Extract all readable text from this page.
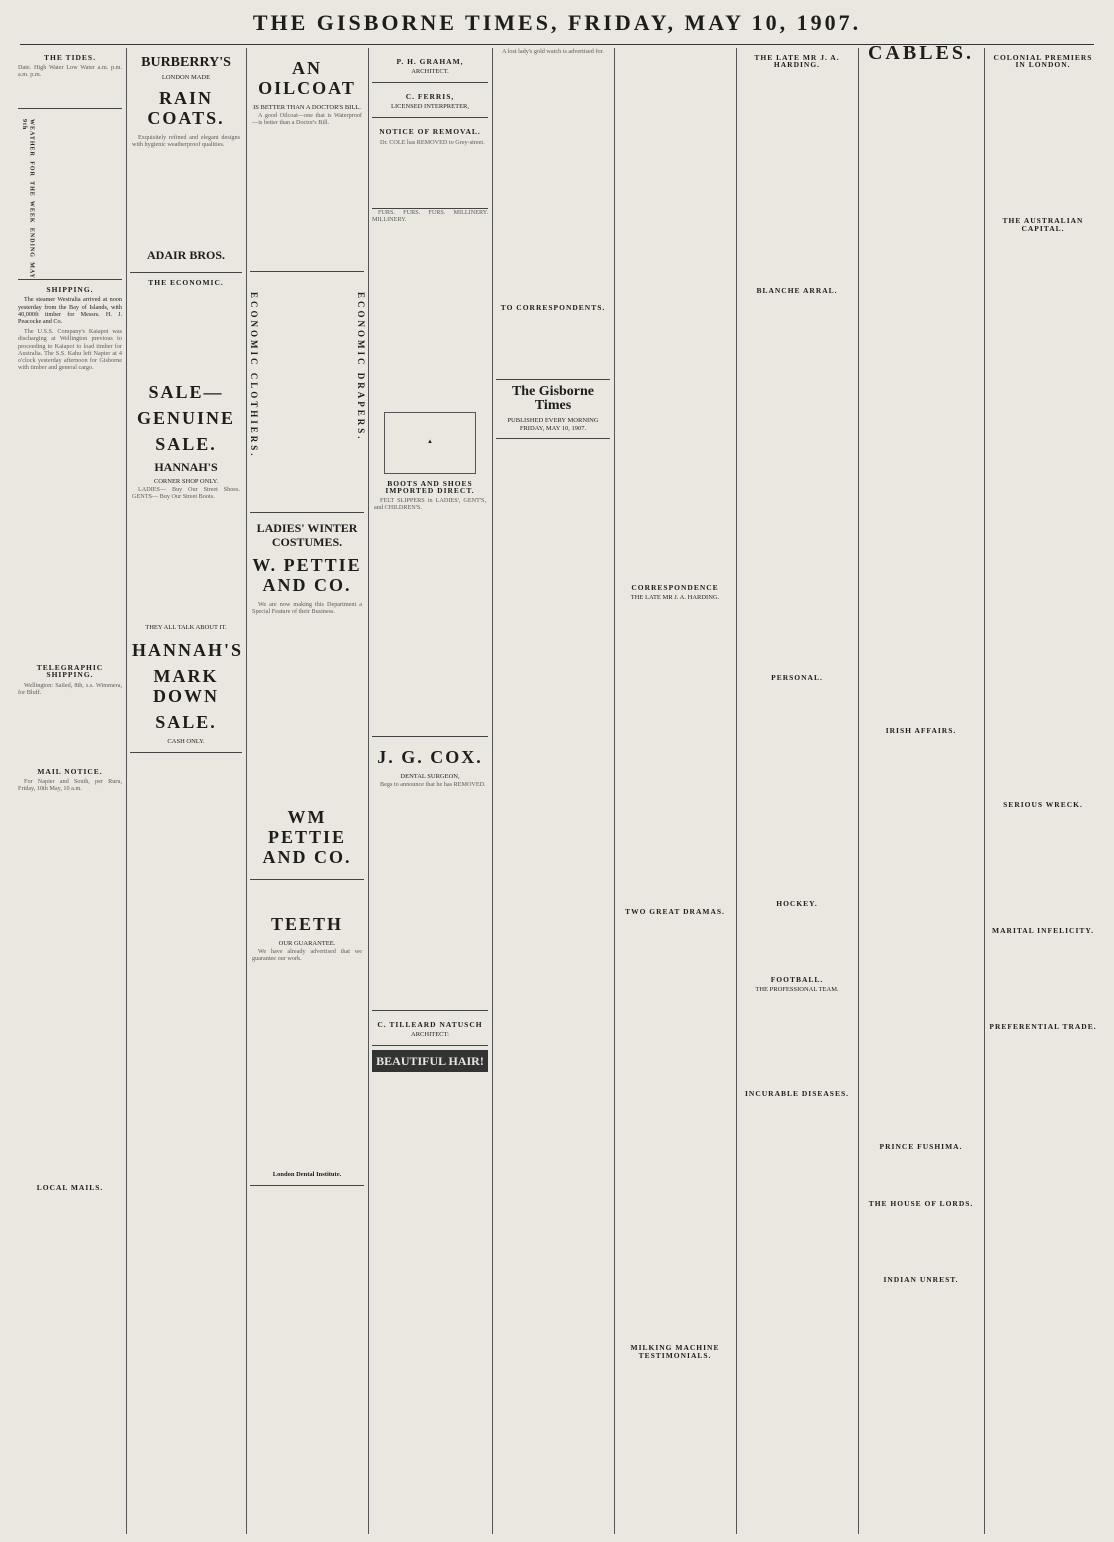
THE GISBORNE TIMES, FRIDAY, MAY 10, 1907.
THE TIDES.
Date. High Water Low Water a.m. p.m. a.m. p.m.
WEATHER FOR THE WEEK ENDING MAY 9th
SHIPPING.

The steamer Westralia arrived at noon yesterday from the Bay of Islands, with 40,000ft timber for Messrs. H. J. Peacocke and Co.

The U.S.S. Company's Kaiapoi was discharging at Wellington previous to proceeding to Kaiapoi to load timber for Australia. The S.S. Kahu left Napier at 4 o'clock yesterday afternoon for Gisborne with timber and general cargo.

TELEGRAPHIC SHIPPING.

Wellington: Sailed, 8th, s.s. Wimmera, for Bluff.

MAIL NOTICE.

For Napier and South, per Ruru, Friday, 10th May, 10 a.m.

LOCAL MAILS.
BURBERRY'S
LONDON MADE
RAIN COATS.

Exquisitely refined and elegant designs with hygienic weatherproof qualities.

ADAIR BROS.
THE ECONOMIC.
SALE—
GENUINE
SALE.
HANNAH'S
CORNER SHOP ONLY.

LADIES— Buy Our Street Shoes. GENTS— Buy Our Street Boots.

THEY ALL TALK ABOUT IT.
HANNAH'S
MARK DOWN
SALE.
CASH ONLY.
AN OILCOAT
IS BETTER THAN A DOCTOR'S BILL.

A good Oilcoat—one that is Waterproof—is better than a Doctor's Bill.

ECONOMIC CLOTHIERS.	ECONOMIC DRAPERS.
LADIES' WINTER COSTUMES.
W. PETTIE AND CO.

We are now making this Department a Special Feature of their Business.

WM PETTIE AND CO.
TEETH
OUR GUARANTEE.

We have already advertised that we guarantee our work.

London Dental Institute.
P. H. GRAHAM,
ARCHITECT.
C. FERRIS,
LICENSED INTERPRETER,
NOTICE OF REMOVAL.

Dr. COLE has REMOVED to Grey-street.

FURS. FURS. FURS. MILLINERY. MILLINERY.

▲
BOOTS AND SHOES IMPORTED DIRECT.

FELT SLIPPERS in LADIES', GENT'S, and CHILDREN'S.

J. G. COX.
DENTAL SURGEON,

Begs to announce that he has REMOVED.

C. TILLEARD NATUSCH
ARCHITECT:
BEAUTIFUL HAIR!

A lost lady's gold watch is advertised for.

TO CORRESPONDENTS.

The Gisborne Times
PUBLISHED EVERY MORNING
FRIDAY, MAY 10, 1907.

CORRESPONDENCE
THE LATE MR J. A. HARDING.

TWO GREAT DRAMAS.

MILKING MACHINE TESTIMONIALS.
THE LATE MR J. A. HARDING.

BLANCHE ARRAL.

PERSONAL.

HOCKEY.

FOOTBALL.
THE PROFESSIONAL TEAM.

INCURABLE DISEASES.
CABLES.

IRISH AFFAIRS.

PRINCE FUSHIMA.

THE HOUSE OF LORDS.

INDIAN UNREST.
COLONIAL PREMIERS IN LONDON.

THE AUSTRALIAN CAPITAL.

SERIOUS WRECK.

MARITAL INFELICITY.

PREFERENTIAL TRADE.
